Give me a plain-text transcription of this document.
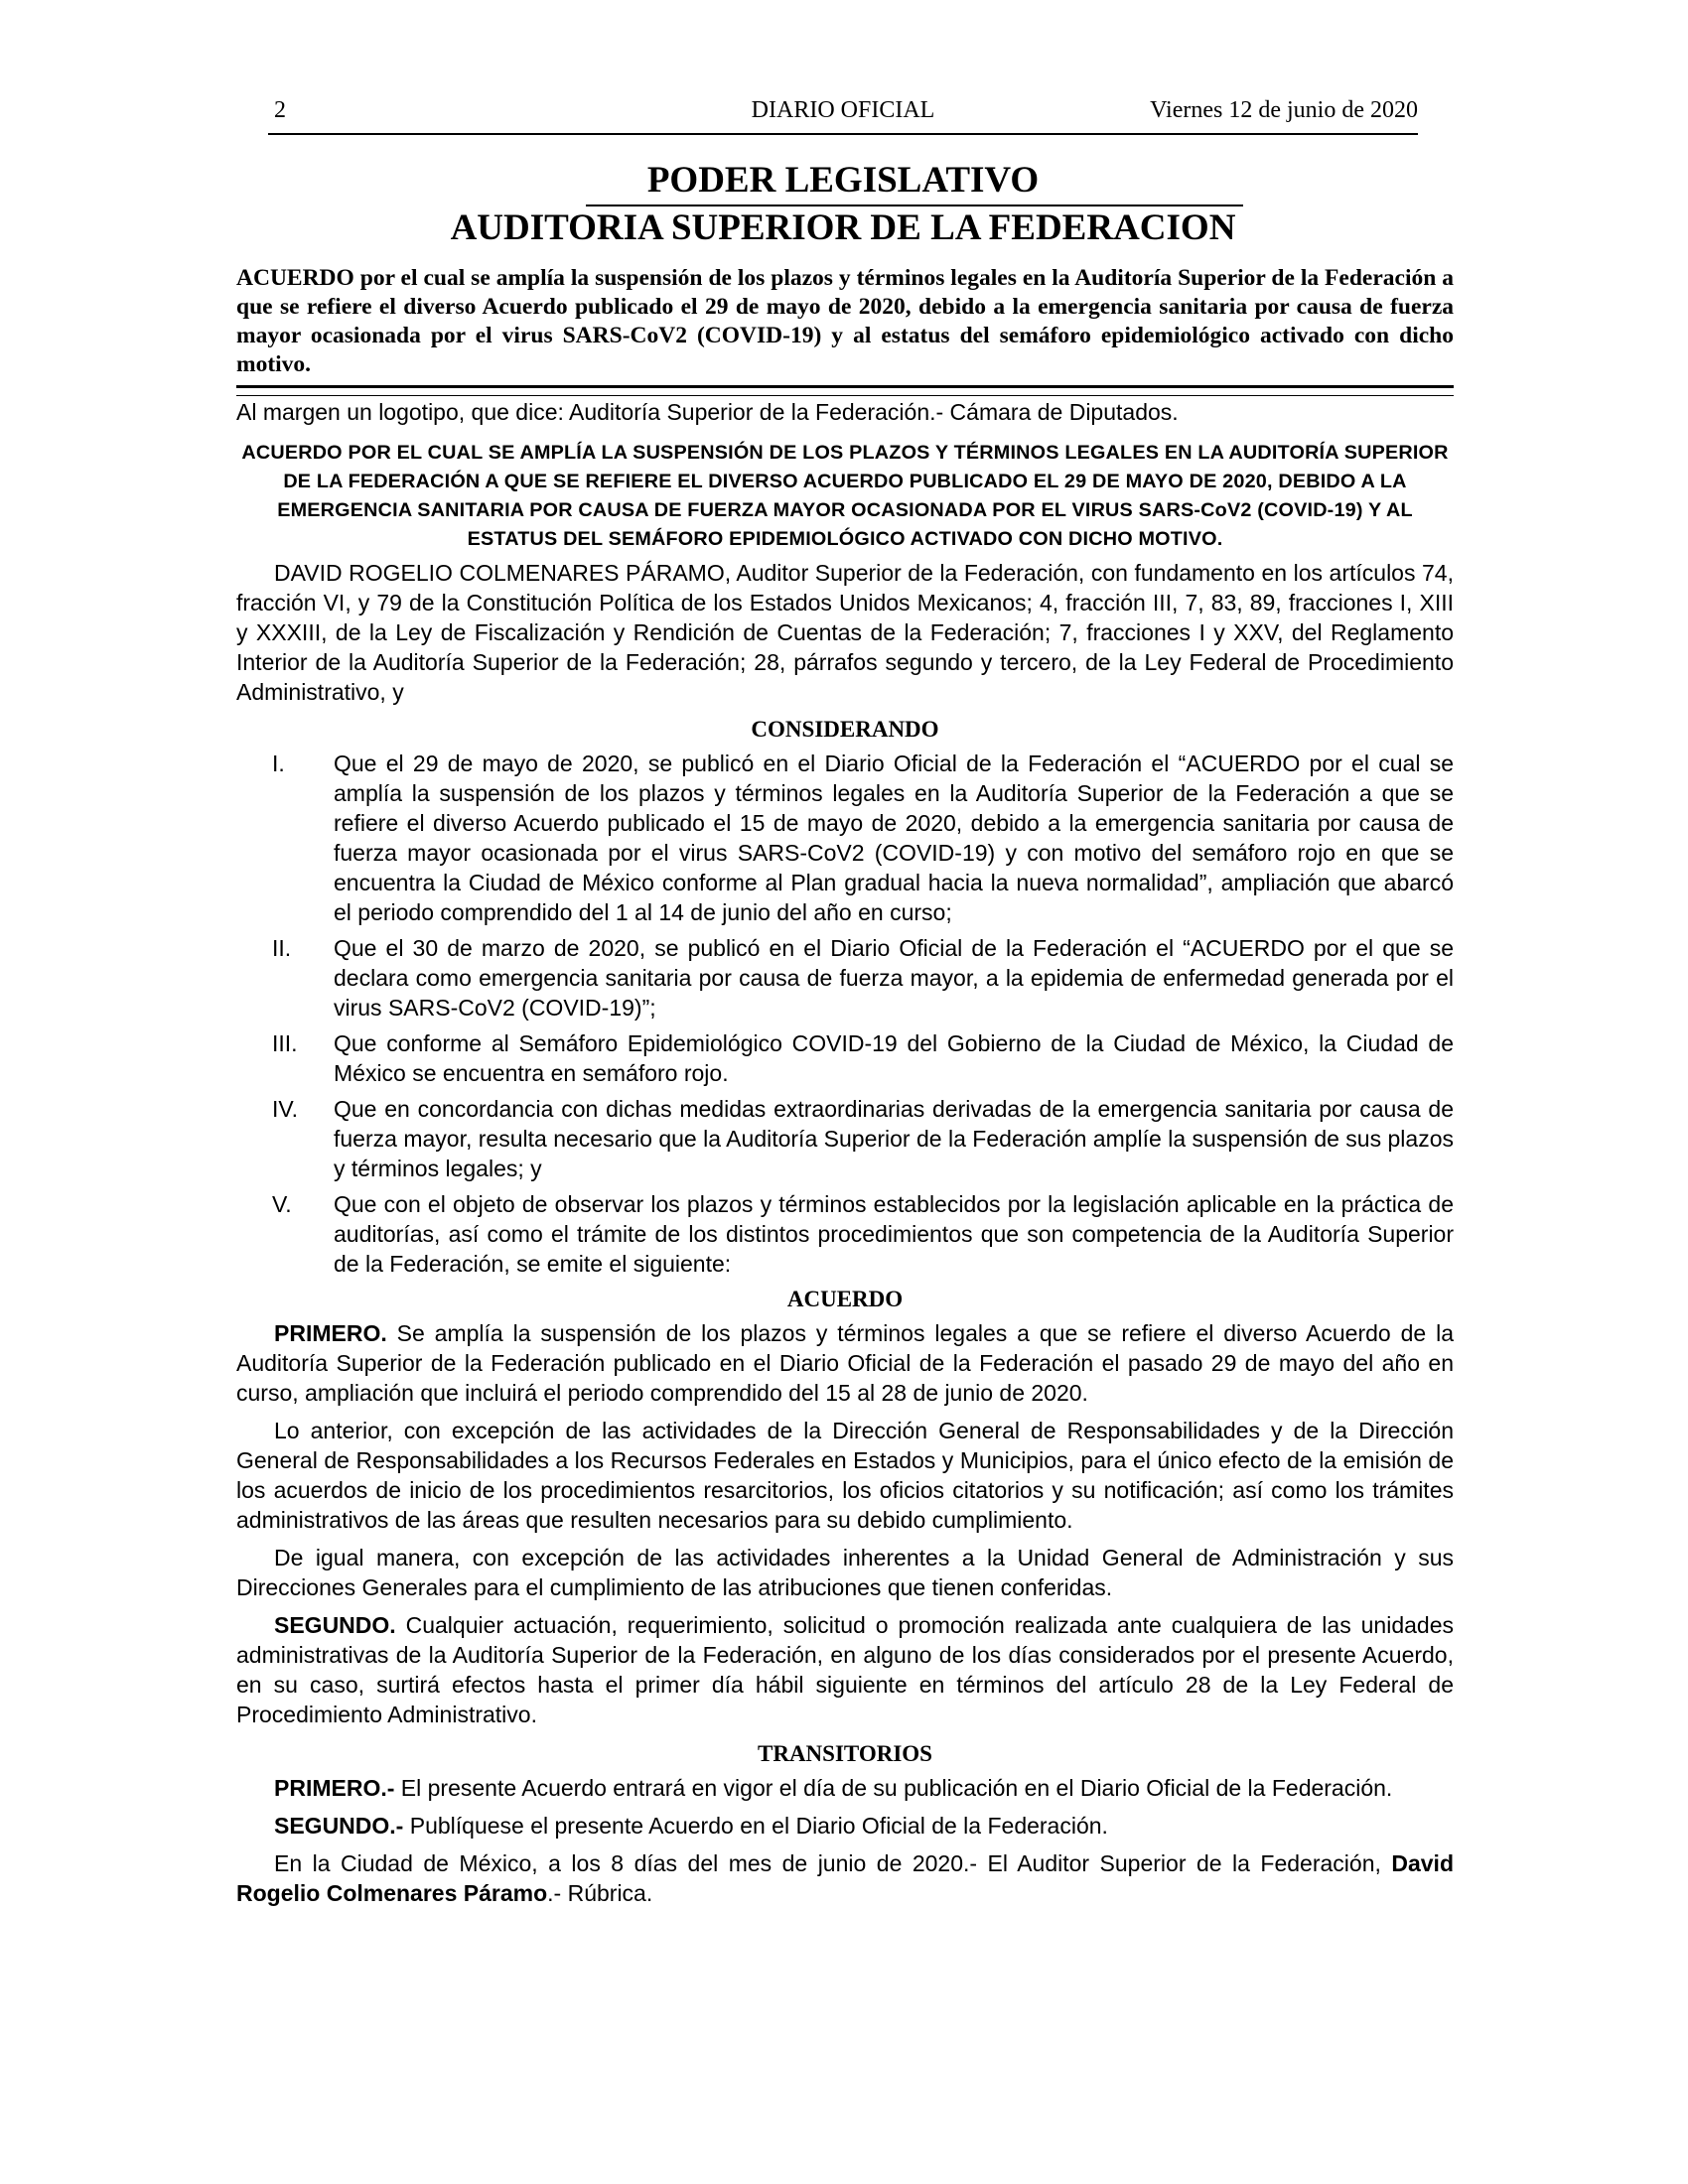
2	DIARIO OFICIAL	Viernes 12 de junio de 2020
PODER LEGISLATIVO
AUDITORIA SUPERIOR DE LA FEDERACION
ACUERDO por el cual se amplía la suspensión de los plazos y términos legales en la Auditoría Superior de la Federación a que se refiere el diverso Acuerdo publicado el 29 de mayo de 2020, debido a la emergencia sanitaria por causa de fuerza mayor ocasionada por el virus SARS-CoV2 (COVID-19) y al estatus del semáforo epidemiológico activado con dicho motivo.

Al margen un logotipo, que dice: Auditoría Superior de la Federación.- Cámara de Diputados.

ACUERDO POR EL CUAL SE AMPLÍA LA SUSPENSIÓN DE LOS PLAZOS Y TÉRMINOS LEGALES EN LA AUDITORÍA SUPERIOR DE LA FEDERACIÓN A QUE SE REFIERE EL DIVERSO ACUERDO PUBLICADO EL 29 DE MAYO DE 2020, DEBIDO A LA EMERGENCIA SANITARIA POR CAUSA DE FUERZA MAYOR OCASIONADA POR EL VIRUS SARS-CoV2 (COVID-19) Y AL ESTATUS DEL SEMÁFORO EPIDEMIOLÓGICO ACTIVADO CON DICHO MOTIVO.

DAVID ROGELIO COLMENARES PÁRAMO, Auditor Superior de la Federación, con fundamento en los artículos 74, fracción VI, y 79 de la Constitución Política de los Estados Unidos Mexicanos; 4, fracción III, 7, 83, 89, fracciones I, XIII y XXXIII, de la Ley de Fiscalización y Rendición de Cuentas de la Federación; 7, fracciones I y XXV, del Reglamento Interior de la Auditoría Superior de la Federación; 28, párrafos segundo y tercero, de la Ley Federal de Procedimiento Administrativo, y

CONSIDERANDO
I. Que el 29 de mayo de 2020, se publicó en el Diario Oficial de la Federación el “ACUERDO por el cual se amplía la suspensión de los plazos y términos legales en la Auditoría Superior de la Federación a que se refiere el diverso Acuerdo publicado el 15 de mayo de 2020, debido a la emergencia sanitaria por causa de fuerza mayor ocasionada por el virus SARS-CoV2 (COVID-19) y con motivo del semáforo rojo en que se encuentra la Ciudad de México conforme al Plan gradual hacia la nueva normalidad”, ampliación que abarcó el periodo comprendido del 1 al 14 de junio del año en curso;
II. Que el 30 de marzo de 2020, se publicó en el Diario Oficial de la Federación el “ACUERDO por el que se declara como emergencia sanitaria por causa de fuerza mayor, a la epidemia de enfermedad generada por el virus SARS-CoV2 (COVID-19)”;
III. Que conforme al Semáforo Epidemiológico COVID-19 del Gobierno de la Ciudad de México, la Ciudad de México se encuentra en semáforo rojo.
IV. Que en concordancia con dichas medidas extraordinarias derivadas de la emergencia sanitaria por causa de fuerza mayor, resulta necesario que la Auditoría Superior de la Federación amplíe la suspensión de sus plazos y términos legales; y
V. Que con el objeto de observar los plazos y términos establecidos por la legislación aplicable en la práctica de auditorías, así como el trámite de los distintos procedimientos que son competencia de la Auditoría Superior de la Federación, se emite el siguiente:
ACUERDO

PRIMERO. Se amplía la suspensión de los plazos y términos legales a que se refiere el diverso Acuerdo de la Auditoría Superior de la Federación publicado en el Diario Oficial de la Federación el pasado 29 de mayo del año en curso, ampliación que incluirá el periodo comprendido del 15 al 28 de junio de 2020.

Lo anterior, con excepción de las actividades de la Dirección General de Responsabilidades y de la Dirección General de Responsabilidades a los Recursos Federales en Estados y Municipios, para el único efecto de la emisión de los acuerdos de inicio de los procedimientos resarcitorios, los oficios citatorios y su notificación; así como los trámites administrativos de las áreas que resulten necesarios para su debido cumplimiento.

De igual manera, con excepción de las actividades inherentes a la Unidad General de Administración y sus Direcciones Generales para el cumplimiento de las atribuciones que tienen conferidas.

SEGUNDO. Cualquier actuación, requerimiento, solicitud o promoción realizada ante cualquiera de las unidades administrativas de la Auditoría Superior de la Federación, en alguno de los días considerados por el presente Acuerdo, en su caso, surtirá efectos hasta el primer día hábil siguiente en términos del artículo 28 de la Ley Federal de Procedimiento Administrativo.

TRANSITORIOS

PRIMERO.- El presente Acuerdo entrará en vigor el día de su publicación en el Diario Oficial de la Federación.

SEGUNDO.- Publíquese el presente Acuerdo en el Diario Oficial de la Federación.

En la Ciudad de México, a los 8 días del mes de junio de 2020.- El Auditor Superior de la Federación, David Rogelio Colmenares Páramo.- Rúbrica.
